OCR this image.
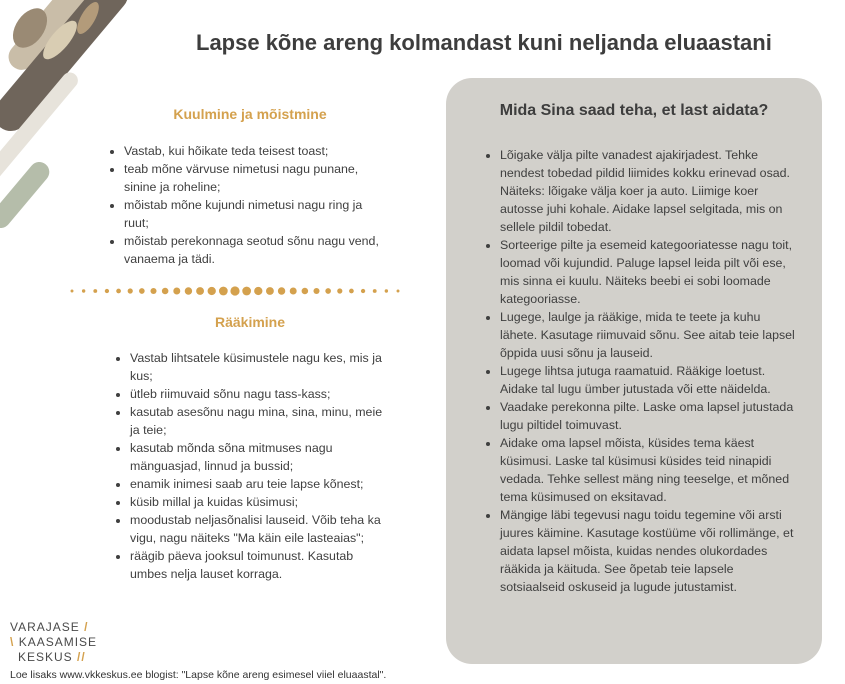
Lapse kõne areng kolmandast kuni neljanda eluaastani
Kuulmine ja mõistmine
• Vastab, kui hõikate teda teisest toast;
• teab mõne värvuse nimetusi nagu punane, sinine ja roheline;
• mõistab mõne kujundi nimetusi nagu ring ja ruut;
• mõistab perekonnaga seotud sõnu nagu vend, vanaema ja tädi.
Rääkimine
• Vastab lihtsatele küsimustele nagu kes, mis ja kus;
• ütleb riimuvaid sõnu nagu tass-kass;
• kasutab asesõnu nagu mina, sina, minu, meie ja teie;
• kasutab mõnda sõna mitmuses nagu mänguasjad, linnud ja bussid;
• enamik inimesi saab aru teie lapse kõnest;
• küsib millal ja kuidas küsimusi;
• moodustab neljasõnalisi lauseid. Võib teha ka vigu, nagu näiteks "Ma käin eile lasteaias";
• räägib päeva jooksul toimunust. Kasutab umbes nelja lauset korraga.
Mida Sina saad teha, et last aidata?
• Lõigake välja pilte vanadest ajakirjadest. Tehke nendest tobedad pildid liimides kokku erinevad osad. Näiteks: lõigake välja koer ja auto. Liimige koer autosse juhi kohale. Aidake lapsel selgitada, mis on sellele pildil tobedat.
• Sorteerige pilte ja esemeid kategooriatesse nagu toit, loomad või kujundid. Paluge lapsel leida pilt või ese, mis sinna ei kuulu. Näiteks beebi ei sobi loomade kategooriasse.
• Lugege, laulge ja rääkige, mida te teete ja kuhu lähete. Kasutage riimuvaid sõnu. See aitab teie lapsel õppida uusi sõnu ja lauseid.
• Lugege lihtsa jutuga raamatuid. Rääkige loetust. Aidake tal lugu ümber jutustada või ette näidelda.
• Vaadake perekonna pilte. Laske oma lapsel jutustada lugu piltidel toimuvast.
• Aidake oma lapsel mõista, küsides tema käest küsimusi. Laske tal küsimusi küsides teid ninapidi vedada. Tehke sellest mäng ning teeselge, et mõned tema küsimused on eksitavad.
• Mängige läbi tegevusi nagu toidu tegemine või arsti juures käimine. Kasutage kostüüme või rollimänge, et aidata lapsel mõista, kuidas nendes olukordades rääkida ja käituda. See õpetab teie lapsele sotsiaalseid oskuseid ja lugude jutustamist.
VARAJASE /
\ KAASAMISE
KESKUS //
Loe lisaks www.vkkeskus.ee blogist: "Lapse kõne areng esimesel viiel eluaastal".
